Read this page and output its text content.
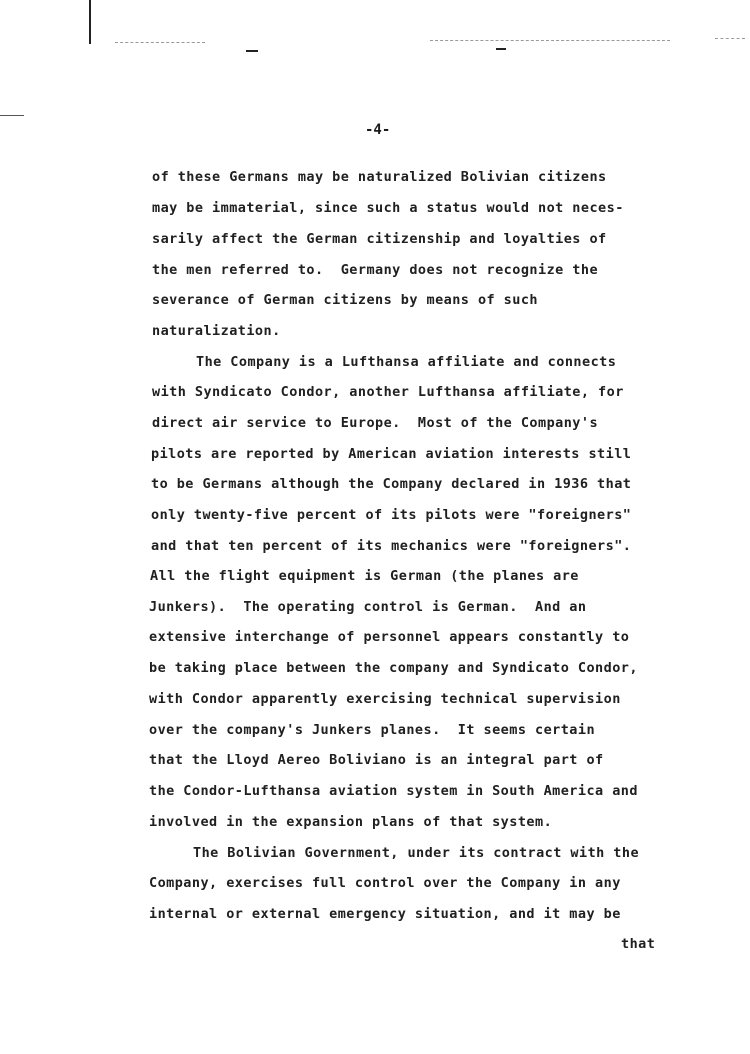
-4-
of these Germans may be naturalized Bolivian citizens
may be immaterial, since such a status would not neces-
sarily affect the German citizenship and loyalties of
the men referred to.  Germany does not recognize the
severance of German citizens by means of such
naturalization.
The Company is a Lufthansa affiliate and connects
with Syndicato Condor, another Lufthansa affiliate, for
direct air service to Europe.  Most of the Company's
pilots are reported by American aviation interests still
to be Germans although the Company declared in 1936 that
only twenty-five percent of its pilots were "foreigners"
and that ten percent of its mechanics were "foreigners".
All the flight equipment is German (the planes are
Junkers).  The operating control is German.  And an
extensive interchange of personnel appears constantly to
be taking place between the company and Syndicato Condor,
with Condor apparently exercising technical supervision
over the company's Junkers planes.  It seems certain
that the Lloyd Aereo Boliviano is an integral part of
the Condor-Lufthansa aviation system in South America and
involved in the expansion plans of that system.
The Bolivian Government, under its contract with the
Company, exercises full control over the Company in any
internal or external emergency situation, and it may be
that
